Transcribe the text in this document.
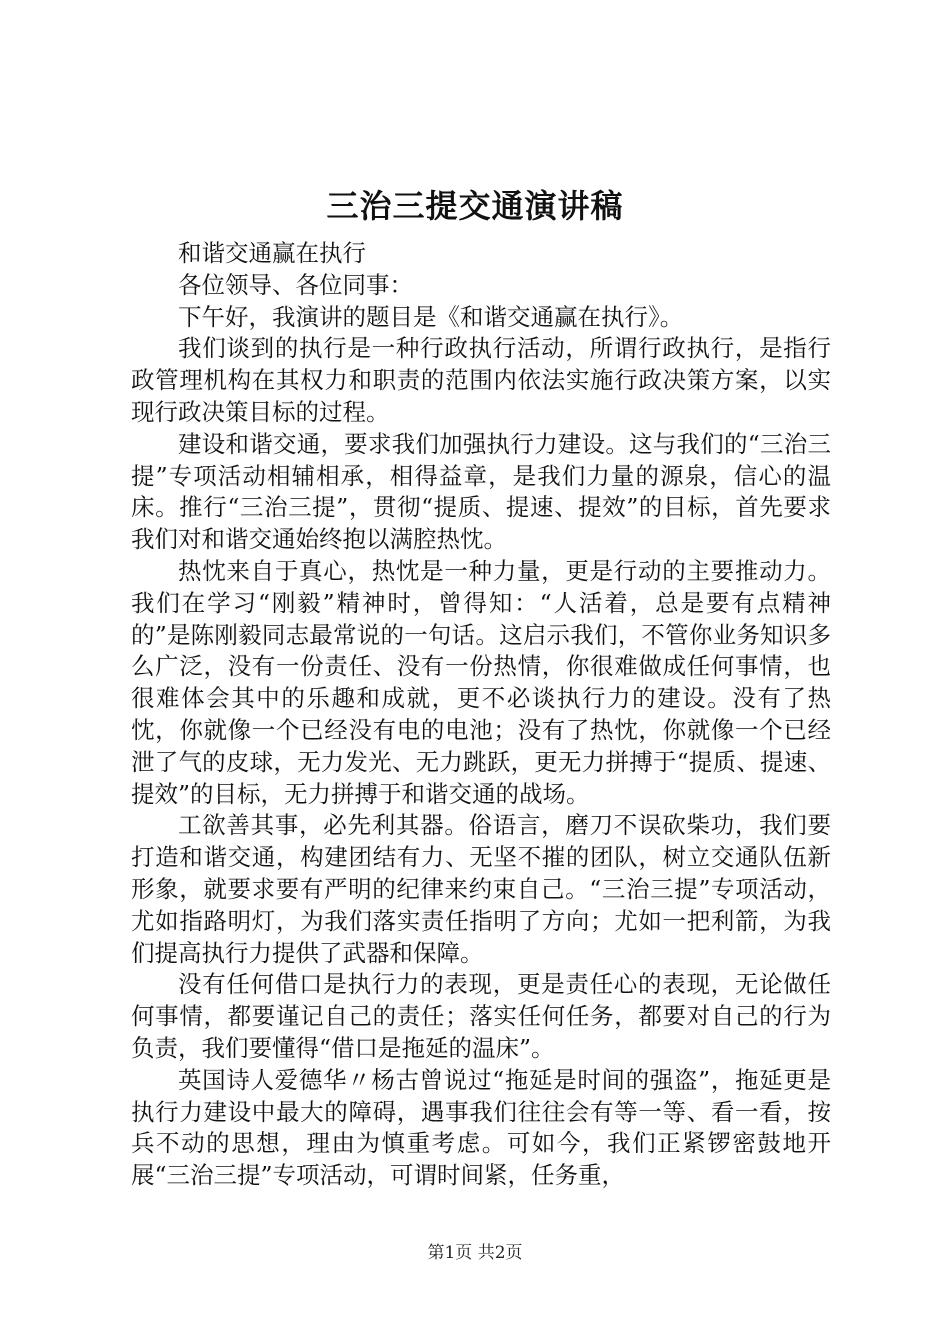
三治三提交通演讲稿

和谐交通赢在执行

各位领导、各位同事：

下午好，我演讲的题目是《和谐交通赢在执行》。

我们谈到的执行是一种行政执行活动，所谓行政执行，是指行政管理机构在其权力和职责的范围内依法实施行政决策方案，以实现行政决策目标的过程。

建设和谐交通，要求我们加强执行力建设。这与我们的“三治三提”专项活动相辅相承，相得益章，是我们力量的源泉，信心的温床。推行“三治三提”，贯彻“提质、提速、提效”的目标，首先要求我们对和谐交通始终抱以满腔热忱。

热忱来自于真心，热忱是一种力量，更是行动的主要推动力。我们在学习“刚毅”精神时，曾得知：“人活着，总是要有点精神的”是陈刚毅同志最常说的一句话。这启示我们，不管你业务知识多么广泛，没有一份责任、没有一份热情，你很难做成任何事情，也很难体会其中的乐趣和成就，更不必谈执行力的建设。没有了热忱，你就像一个已经没有电的电池；没有了热忱，你就像一个已经泄了气的皮球，无力发光、无力跳跃，更无力拼搏于“提质、提速、提效”的目标，无力拼搏于和谐交通的战场。

工欲善其事，必先利其器。俗语言，磨刀不误砍柴功，我们要打造和谐交通，构建团结有力、无坚不摧的团队，树立交通队伍新形象，就要求要有严明的纪律来约束自己。“三治三提”专项活动，尤如指路明灯，为我们落实责任指明了方向；尤如一把利箭，为我们提高执行力提供了武器和保障。

没有任何借口是执行力的表现，更是责任心的表现，无论做任何事情，都要谨记自己的责任；落实任何任务，都要对自己的行为负责，我们要懂得“借口是拖延的温床”。

英国诗人爱德华〃杨古曾说过“拖延是时间的强盗”，拖延更是执行力建设中最大的障碍，遇事我们往往会有等一等、看一看，按兵不动的思想，理由为慎重考虑。可如今，我们正紧锣密鼓地开展“三治三提”专项活动，可谓时间紧，任务重，

第1页 共2页
